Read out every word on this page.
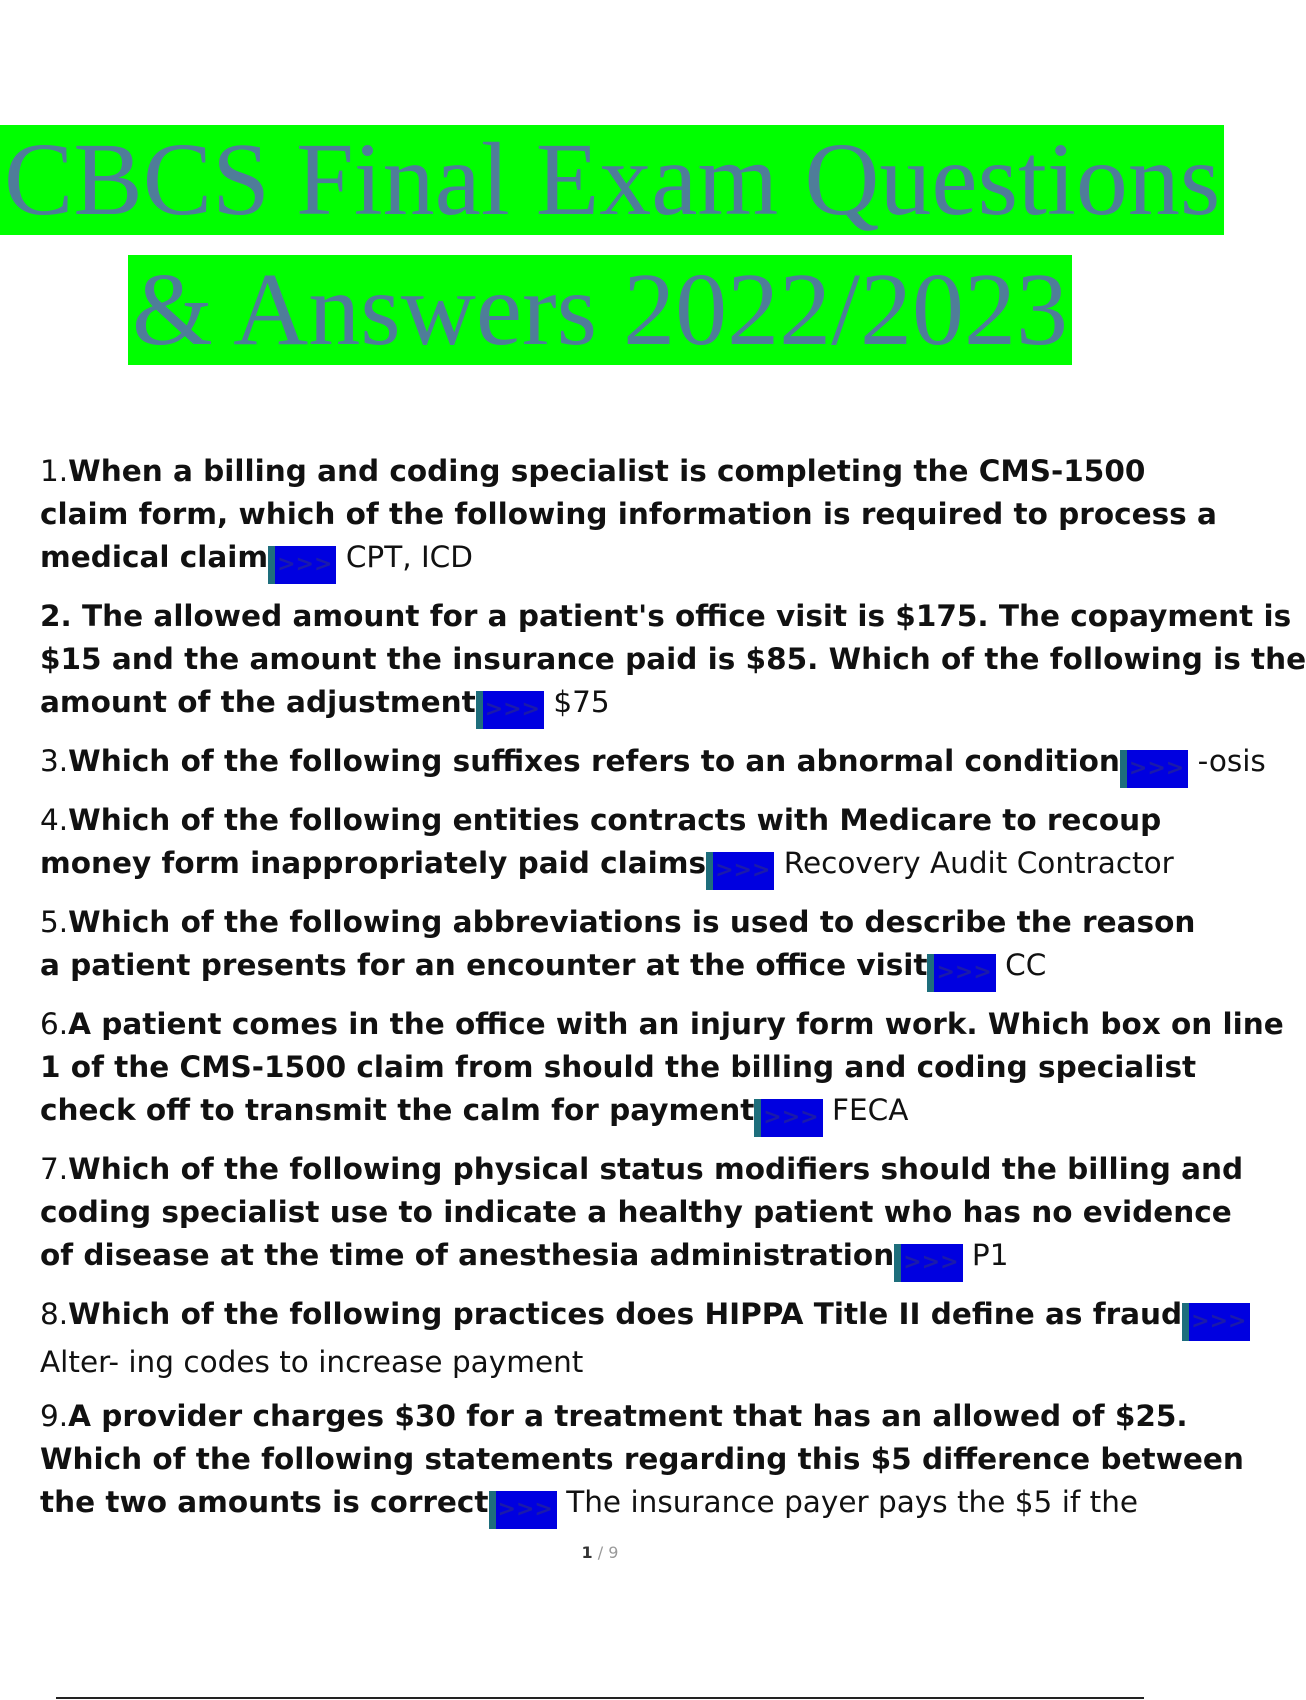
CBCS Final Exam Questions
& Answers 2022/2023
1.When a billing and coding specialist is completing the CMS-1500
claim form, which of the following information is required to process a
medical claim >>> CPT, ICD
2. The allowed amount for a patient's office visit is $175. The copayment is
$15 and the amount the insurance paid is $85. Which of the following is the
amount of the adjustment >>> $75
3.Which of the following suffixes refers to an abnormal condition >>> -osis
4.Which of the following entities contracts with Medicare to recoup
money form inappropriately paid claims >>> Recovery Audit Contractor
5.Which of the following abbreviations is used to describe the reason
a patient presents for an encounter at the office visit >>> CC
6.A patient comes in the office with an injury form work. Which box on line
1 of the CMS-1500 claim from should the billing and coding specialist
check off to transmit the calm for payment >>> FECA
7.Which of the following physical status modifiers should the billing and
coding specialist use to indicate a healthy patient who has no evidence
of disease at the time of anesthesia administration >>> P1
8.Which of the following practices does HIPPA Title II define as fraud >>>
Alter- ing codes to increase payment
9.A provider charges $30 for a treatment that has an allowed of $25.
Which of the following statements regarding this $5 difference between
the two amounts is correct >>> The insurance payer pays the $5 if the
1 / 9
